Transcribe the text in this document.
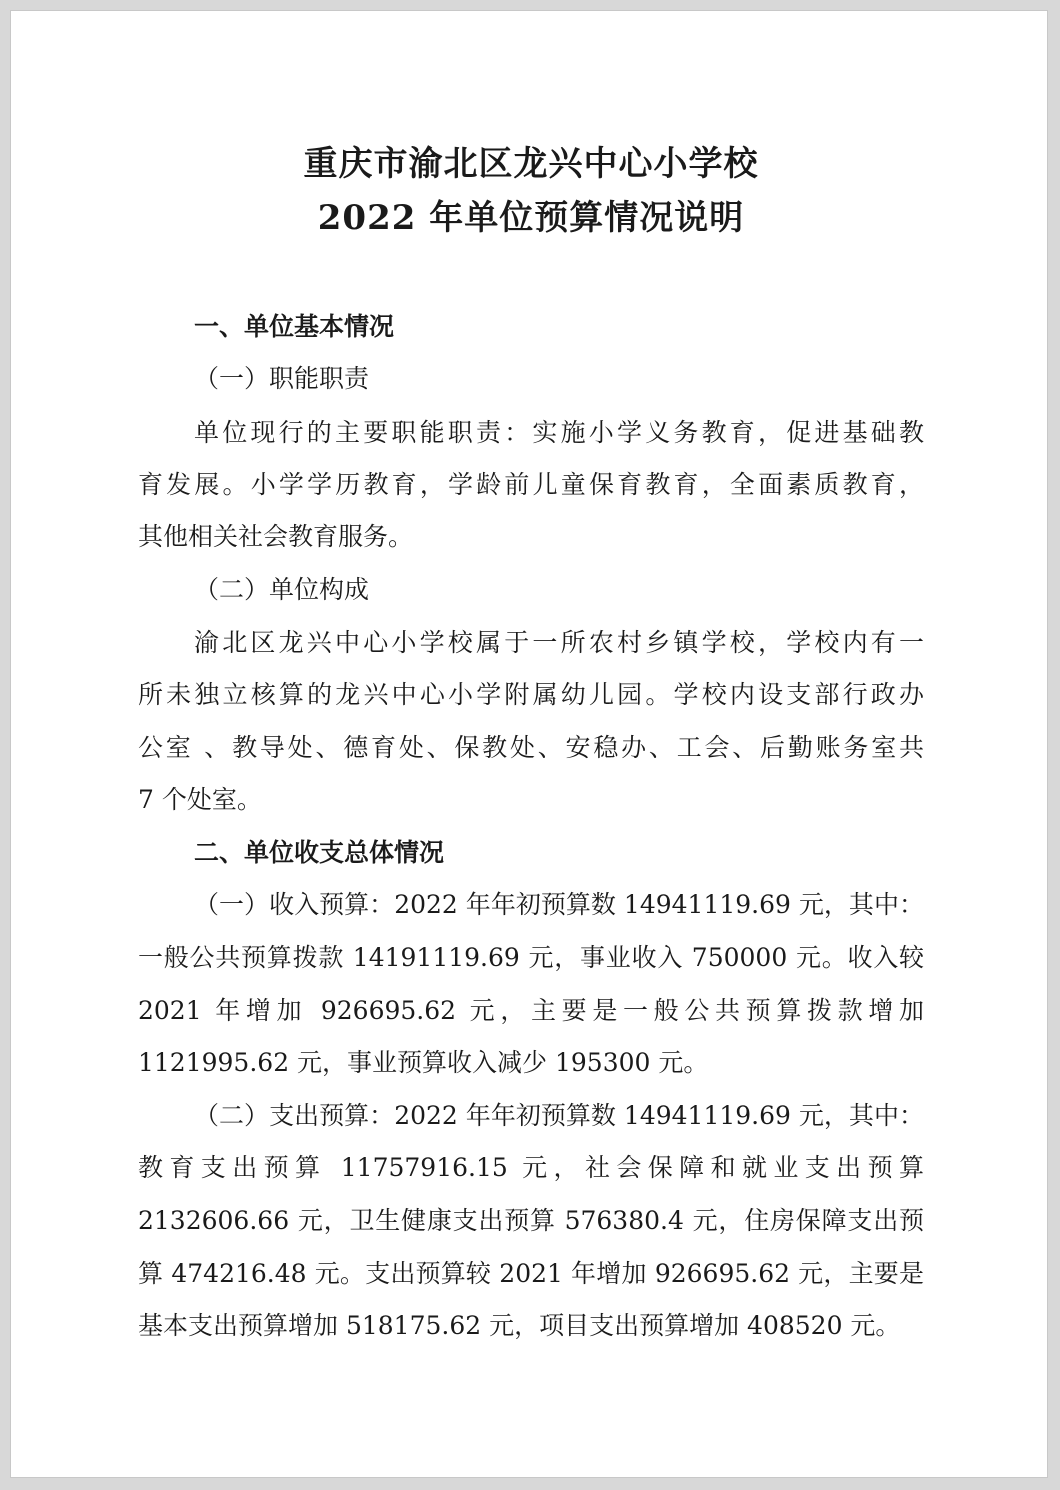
重庆市渝北区龙兴中心小学校
2022 年单位预算情况说明

一、单位基本情况

（一）职能职责

单位现行的主要职能职责：实施小学义务教育，促进基础教

育发展。小学学历教育，学龄前儿童保育教育，全面素质教育，

其他相关社会教育服务。

（二）单位构成

渝北区龙兴中心小学校属于一所农村乡镇学校，学校内有一

所未独立核算的龙兴中心小学附属幼儿园。学校内设支部行政办

公室 、教导处、德育处、保教处、安稳办、工会、后勤账务室共

7 个处室。

二、单位收支总体情况

（一）收入预算：2022 年年初预算数 14941119.69 元，其中：

一般公共预算拨款 14191119.69 元，事业收入 750000 元。收入较

2021 年增加 926695.62 元，主要是一般公共预算拨款增加

1121995.62 元，事业预算收入减少 195300 元。

（二）支出预算：2022 年年初预算数 14941119.69 元，其中：

教育支出预算 11757916.15 元，社会保障和就业支出预算

2132606.66 元，卫生健康支出预算 576380.4 元，住房保障支出预

算 474216.48 元。支出预算较 2021 年增加 926695.62 元，主要是

基本支出预算增加 518175.62 元，项目支出预算增加 408520 元。
